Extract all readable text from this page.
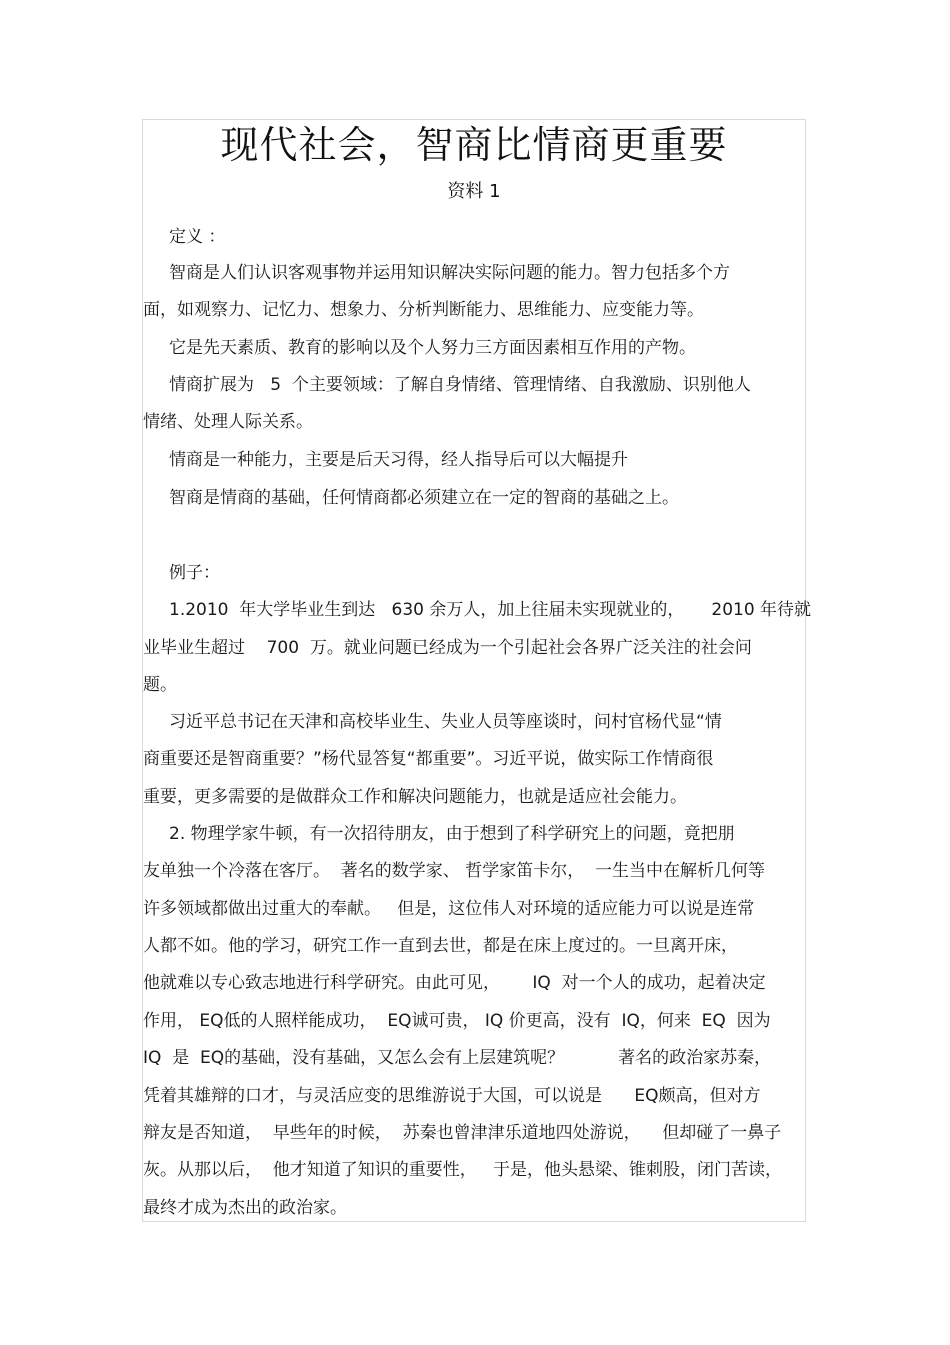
现代社会，智商比情商更重要
资料 1
定义 ：
智商是人们认识客观事物并运用知识解决实际问题的能力。智力包括多个方
面，如观察力、记忆力、想象力、分析判断能力、思维能力、应变能力等。
它是先天素质、教育的影响以及个人努力三方面因素相互作用的产物。
情商扩展为   5  个主要领域：了解自身情绪、管理情绪、自我激励、识别他人
情绪、处理人际关系。
情商是一种能力，主要是后天习得，经人指导后可以大幅提升
智商是情商的基础，任何情商都必须建立在一定的智商的基础之上。
例子：
1.2010  年大学毕业生到达   630 余万人，加上往届未实现就业的，     2010 年待就
业毕业生超过    700  万。就业问题已经成为一个引起社会各界广泛关注的社会问
题。
习近平总书记在天津和高校毕业生、失业人员等座谈时，问村官杨代显“情
商重要还是智商重要？”杨代显答复“都重要”。习近平说，做实际工作情商很
重要，更多需要的是做群众工作和解决问题能力，也就是适应社会能力。
2. 物理学家牛顿，有一次招待朋友，由于想到了科学研究上的问题，竟把朋
友单独一个冷落在客厅。  著名的数学家、 哲学家笛卡尔，  一生当中在解析几何等
许多领域都做出过重大的奉献。   但是，这位伟人对环境的适应能力可以说是连常
人都不如。他的学习，研究工作一直到去世，都是在床上度过的。一旦离开床，
他就难以专心致志地进行科学研究。由此可见，      IQ  对一个人的成功，起着决定
作用， EQ低的人照样能成功，  EQ诚可贵， IQ 价更高，没有  IQ，何来  EQ  因为
IQ  是  EQ的基础，没有基础，又怎么会有上层建筑呢？          著名的政治家苏秦，
凭着其雄辩的口才，与灵活应变的思维游说于大国，可以说是      EQ颇高，但对方
辩友是否知道，  早些年的时候，  苏秦也曾津津乐道地四处游说，    但却碰了一鼻子
灰。从那以后，  他才知道了知识的重要性，   于是，他头悬梁、锥刺股，闭门苦读，
最终才成为杰出的政治家。
